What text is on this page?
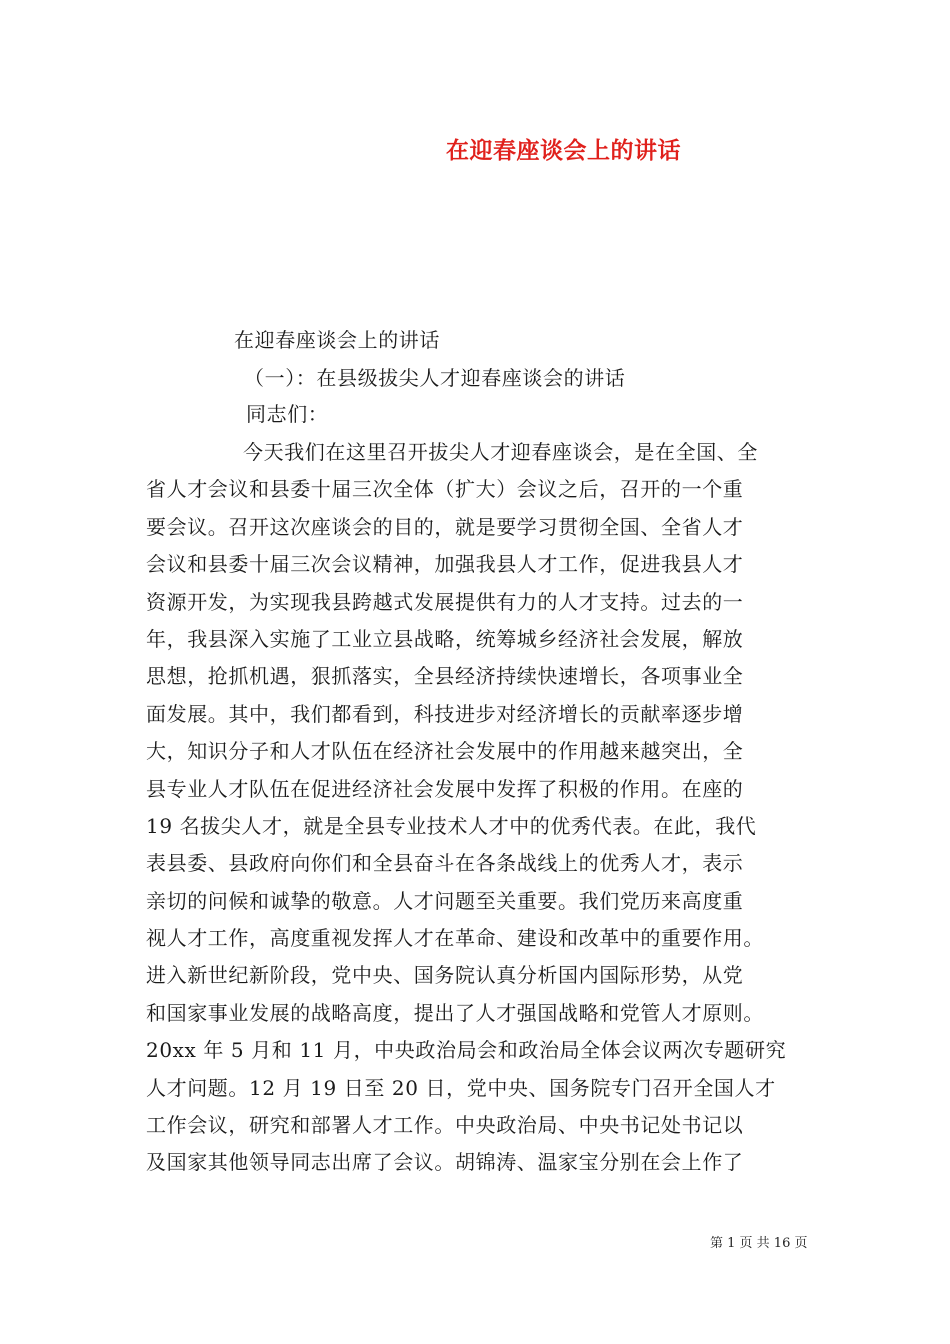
在迎春座谈会上的讲话
在迎春座谈会上的讲话
（一）：在县级拔尖人才迎春座谈会的讲话
同志们：
今天我们在这里召开拔尖人才迎春座谈会，是在全国、全
省人才会议和县委十届三次全体（扩大）会议之后，召开的一个重
要会议。召开这次座谈会的目的，就是要学习贯彻全国、全省人才
会议和县委十届三次会议精神，加强我县人才工作，促进我县人才
资源开发，为实现我县跨越式发展提供有力的人才支持。过去的一
年，我县深入实施了工业立县战略，统筹城乡经济社会发展，解放
思想，抢抓机遇，狠抓落实，全县经济持续快速增长，各项事业全
面发展。其中，我们都看到，科技进步对经济增长的贡献率逐步增
大，知识分子和人才队伍在经济社会发展中的作用越来越突出，全
县专业人才队伍在促进经济社会发展中发挥了积极的作用。在座的
19 名拔尖人才，就是全县专业技术人才中的优秀代表。在此，我代
表县委、县政府向你们和全县奋斗在各条战线上的优秀人才，表示
亲切的问候和诚挚的敬意。人才问题至关重要。我们党历来高度重
视人才工作，高度重视发挥人才在革命、建设和改革中的重要作用。
进入新世纪新阶段，党中央、国务院认真分析国内国际形势，从党
和国家事业发展的战略高度，提出了人才强国战略和党管人才原则。
20xx 年 5 月和 11 月，中央政治局会和政治局全体会议两次专题研究
人才问题。12 月 19 日至 20 日，党中央、国务院专门召开全国人才
工作会议，研究和部署人才工作。中央政治局、中央书记处书记以
及国家其他领导同志出席了会议。胡锦涛、温家宝分别在会上作了
第 1 页 共 16 页
